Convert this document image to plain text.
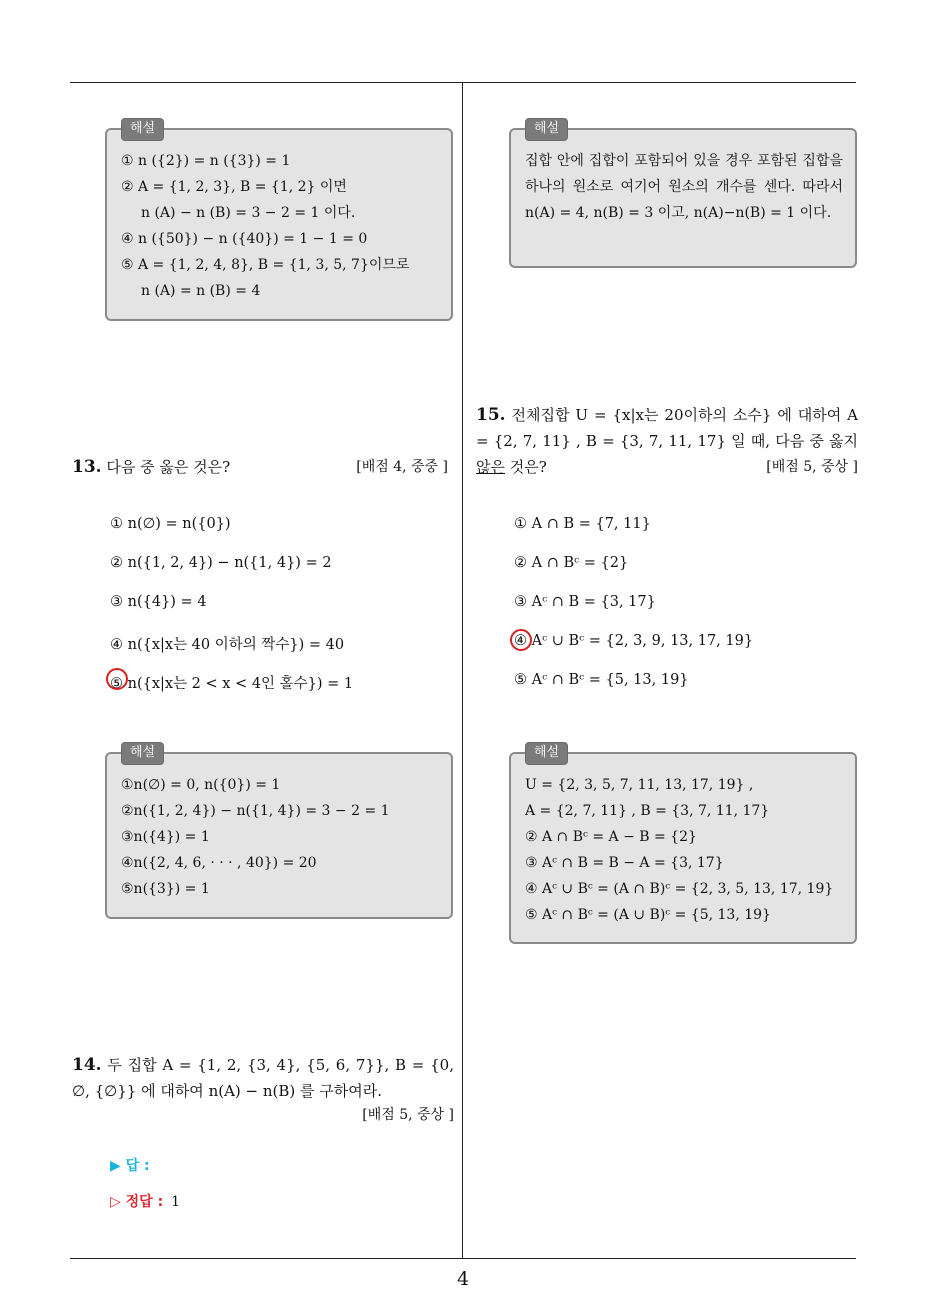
해설
① n ({2}) = n ({3}) = 1
② A = {1, 2, 3}, B = {1, 2} 이면
n (A) − n (B) = 3 − 2 = 1 이다.
④ n ({50}) − n ({40}) = 1 − 1 = 0
⑤ A = {1, 2, 4, 8}, B = {1, 3, 5, 7}이므로
n (A) = n (B) = 4
해설
집합 안에 집합이 포함되어 있을 경우 포함된 집합을 하나의 원소로 여기어 원소의 개수를 센다. 따라서 n(A) = 4, n(B) = 3 이고, n(A)−n(B) = 1 이다.
13. 다음 중 옳은 것은?	[배점 4, 중중 ]
① n(∅) = n({0})
② n({1, 2, 4}) − n({1, 4}) = 2
③ n({4}) = 4
④ n({x|x는 40 이하의 짝수}) = 40
⑤ n({x|x는 2 < x < 4인 홀수}) = 1
해설
①n(∅) = 0, n({0}) = 1
②n({1, 2, 4}) − n({1, 4}) = 3 − 2 = 1
③n({4}) = 1
④n({2, 4, 6, · · · , 40}) = 20
⑤n({3}) = 1
14. 두 집합 A = {1, 2, {3, 4}, {5, 6, 7}}, B = {0, ∅, {∅}} 에 대하여 n(A) − n(B) 를 구하여라.
[배점 5, 중상 ]
▶ 답 :
▷ 정답 : 1
15. 전체집합 U = {x|x는 20이하의 소수} 에 대하여 A = {2, 7, 11} , B = {3, 7, 11, 17} 일 때, 다음 중 옳지 않은 것은?	[배점 5, 중상 ]
① A ∩ B = {7, 11}
② A ∩ Bᶜ = {2}
③ Aᶜ ∩ B = {3, 17}
④ Aᶜ ∪ Bᶜ = {2, 3, 9, 13, 17, 19}
⑤ Aᶜ ∩ Bᶜ = {5, 13, 19}
해설
U = {2, 3, 5, 7, 11, 13, 17, 19} ,
A = {2, 7, 11} , B = {3, 7, 11, 17}
② A ∩ Bᶜ = A − B = {2}
③ Aᶜ ∩ B = B − A = {3, 17}
④ Aᶜ ∪ Bᶜ = (A ∩ B)ᶜ = {2, 3, 5, 13, 17, 19}
⑤ Aᶜ ∩ Bᶜ = (A ∪ B)ᶜ = {5, 13, 19}
4
